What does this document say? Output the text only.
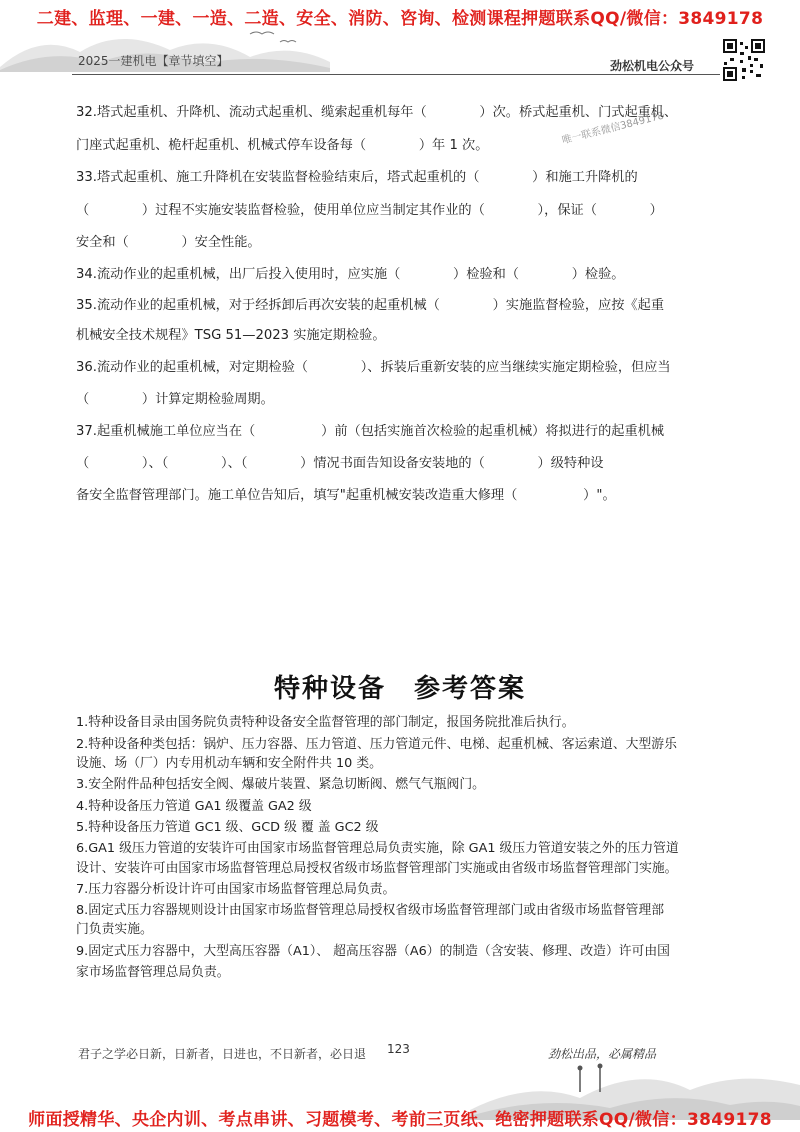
二建、监理、一建、一造、二造、安全、消防、咨询、检测课程押题联系QQ/微信：3849178
2025一建机电【章节填空】	劲松机电公众号
唯一联系微信3849178
32.塔式起重机、升降机、流动式起重机、缆索起重机每年（　　　　）次。桥式起重机、门式起重机、
门座式起重机、桅杆起重机、机械式停车设备每（　　　　）年 1 次。
33.塔式起重机、施工升降机在安装监督检验结束后，塔式起重机的（　　　　）和施工升降机的
（　　　　）过程不实施安装监督检验，使用单位应当制定其作业的（　　　　），保证（　　　　）
安全和（　　　　）安全性能。
34.流动作业的起重机械，出厂后投入使用时，应实施（　　　　）检验和（　　　　）检验。
35.流动作业的起重机械，对于经拆卸后再次安装的起重机械（　　　　）实施监督检验，应按《起重
机械安全技术规程》TSG 51—2023 实施定期检验。
36.流动作业的起重机械，对定期检验（　　　　）、拆装后重新安装的应当继续实施定期检验，但应当
（　　　　）计算定期检验周期。
37.起重机械施工单位应当在（　　　　　）前（包括实施首次检验的起重机械）将拟进行的起重机械
（　　　　）、（　　　　）、（　　　　）情况书面告知设备安装地的（　　　　）级特种设
备安全监督管理部门。施工单位告知后，填写"起重机械安装改造重大修理（　　　　　）"。
特种设备　参考答案
1.特种设备目录由国务院负责特种设备安全监督管理的部门制定，报国务院批准后执行。
2.特种设备种类包括：锅炉、压力容器、压力管道、压力管道元件、电梯、起重机械、客运索道、大型游乐
设施、场（厂）内专用机动车辆和安全附件共 10 类。
3.安全附件品种包括安全阀、爆破片装置、紧急切断阀、燃气气瓶阀门。
4.特种设备压力管道 GA1 级覆盖 GA2 级
5.特种设备压力管道 GC1 级、GCD 级 覆 盖 GC2 级
6.GA1 级压力管道的安装许可由国家市场监督管理总局负责实施，除 GA1 级压力管道安装之外的压力管道
设计、安装许可由国家市场监督管理总局授权省级市场监督管理部门实施或由省级市场监督管理部门实施。
7.压力容器分析设计许可由国家市场监督管理总局负责。
8.固定式压力容器规则设计由国家市场监督管理总局授权省级市场监督管理部门或由省级市场监督管理部
门负责实施。
9.固定式压力容器中，大型高压容器（A1）、 超高压容器（A6）的制造（含安装、修理、改造）许可由国
家市场监督管理总局负责。
君子之学必日新，日新者，日进也，不日新者，必日退 123	劲松出品，必属精品
师面授精华、央企内训、考点串讲、习题模考、考前三页纸、绝密押题联系QQ/微信：3849178
